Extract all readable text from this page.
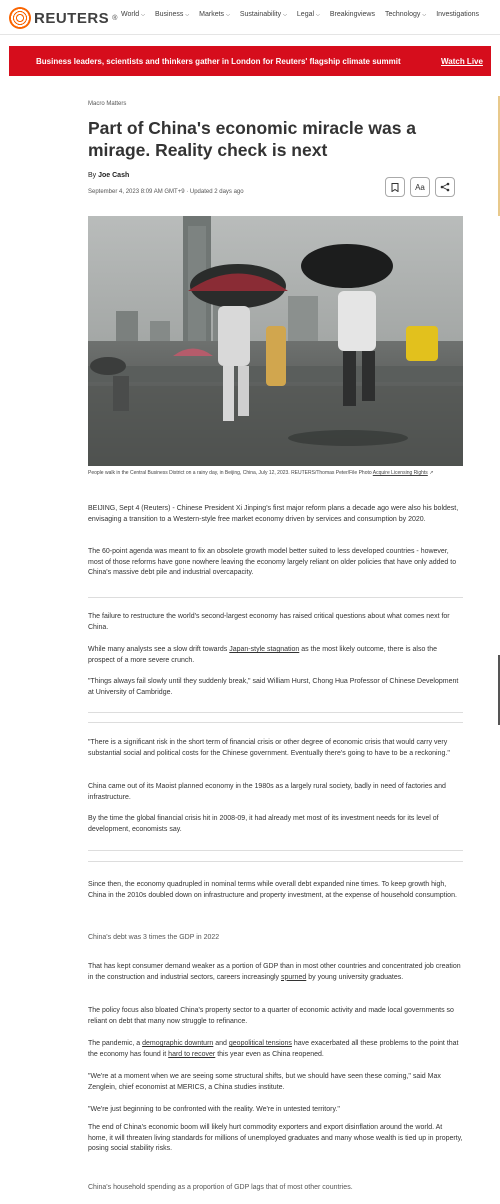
REUTERS ® World ⌵ Business ⌵ Markets ⌵ Sustainability ⌵ Legal ⌵ Breakingviews Technology ⌵ Investigations
Business leaders, scientists and thinkers gather in London for Reuters' flagship climate summit	Watch Live
Macro Matters
Part of China's economic miracle was a mirage. Reality check is next
By Joe Cash
September 4, 2023 8:09 AM GMT+9 · Updated 2 days ago
Aa
People walk in the Central Business District on a rainy day, in Beijing, China, July 12, 2023. REUTERS/Thomas Peter/File Photo Acquire Licensing Rights ↗

BEIJING, Sept 4 (Reuters) - Chinese President Xi Jinping's first major reform plans a decade ago were also his boldest, envisaging a transition to a Western-style free market economy driven by services and consumption by 2020.

The 60-point agenda was meant to fix an obsolete growth model better suited to less developed countries - however, most of those reforms have gone nowhere leaving the economy largely reliant on older policies that have only added to China's massive debt pile and industrial overcapacity.

The failure to restructure the world's second-largest economy has raised critical questions about what comes next for China.

While many analysts see a slow drift towards Japan-style stagnation as the most likely outcome, there is also the prospect of a more severe crunch.

"Things always fail slowly until they suddenly break," said William Hurst, Chong Hua Professor of Chinese Development at University of Cambridge.

"There is a significant risk in the short term of financial crisis or other degree of economic crisis that would carry very substantial social and political costs for the Chinese government. Eventually there's going to have to be a reckoning."

China came out of its Maoist planned economy in the 1980s as a largely rural society, badly in need of factories and infrastructure.

By the time the global financial crisis hit in 2008-09, it had already met most of its investment needs for its level of development, economists say.

Since then, the economy quadrupled in nominal terms while overall debt expanded nine times. To keep growth high, China in the 2010s doubled down on infrastructure and property investment, at the expense of household consumption.

China's debt was 3 times the GDP in 2022

That has kept consumer demand weaker as a portion of GDP than in most other countries and concentrated job creation in the construction and industrial sectors, careers increasingly spurned by young university graduates.

The policy focus also bloated China's property sector to a quarter of economic activity and made local governments so reliant on debt that many now struggle to refinance.

The pandemic, a demographic downturn and geopolitical tensions have exacerbated all these problems to the point that the economy has found it hard to recover this year even as China reopened.

"We're at a moment when we are seeing some structural shifts, but we should have seen these coming," said Max Zenglein, chief economist at MERICS, a China studies institute.

"We're just beginning to be confronted with the reality. We're in untested territory."

The end of China's economic boom will likely hurt commodity exporters and export disinflation around the world. At home, it will threaten living standards for millions of unemployed graduates and many whose wealth is tied up in property, posing social stability risks.

China's household spending as a proportion of GDP lags that of most other countries.
